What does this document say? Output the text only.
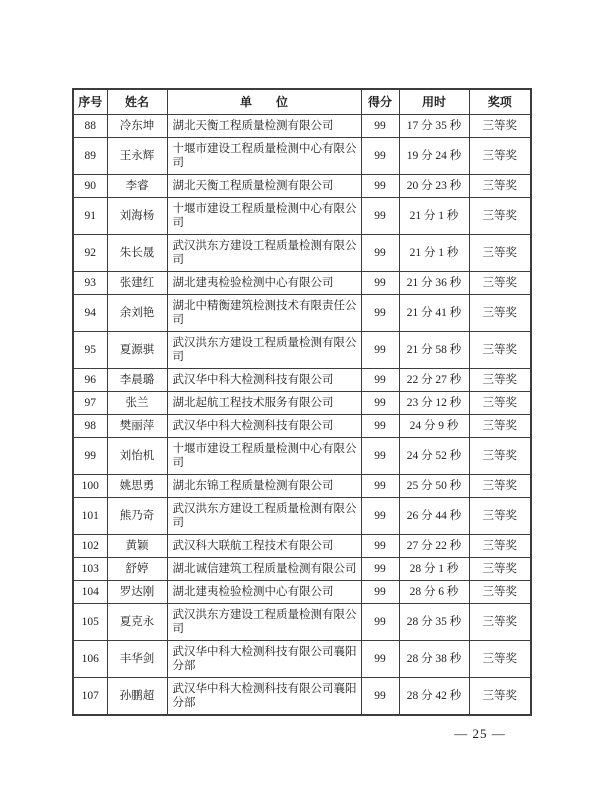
序号	姓名	单　　位	得分	用时	奖项
88	冷东坤	湖北天衡工程质量检测有限公司	99	17 分 35 秒	三等奖
89	王永辉	十堰市建设工程质量检测中心有限公司	99	19 分 24 秒	三等奖
90	李睿	湖北天衡工程质量检测有限公司	99	20 分 23 秒	三等奖
91	刘海杨	十堰市建设工程质量检测中心有限公司	99	21 分 1 秒	三等奖
92	朱长晟	武汉洪东方建设工程质量检测有限公司	99	21 分 1 秒	三等奖
93	张建红	湖北建夷检验检测中心有限公司	99	21 分 36 秒	三等奖
94	余刘艳	湖北中精衡建筑检测技术有限责任公司	99	21 分 41 秒	三等奖
95	夏源骐	武汉洪东方建设工程质量检测有限公司	99	21 分 58 秒	三等奖
96	李晨璐	武汉华中科大检测科技有限公司	99	22 分 27 秒	三等奖
97	张兰	湖北起航工程技术服务有限公司	99	23 分 12 秒	三等奖
98	樊丽萍	武汉华中科大检测科技有限公司	99	24 分 9 秒	三等奖
99	刘怡机	十堰市建设工程质量检测中心有限公司	99	24 分 52 秒	三等奖
100	姚思勇	湖北东锦工程质量检测有限公司	99	25 分 50 秒	三等奖
101	熊乃奇	武汉洪东方建设工程质量检测有限公司	99	26 分 44 秒	三等奖
102	黄颖	武汉科大联航工程技术有限公司	99	27 分 22 秒	三等奖
103	舒婷	湖北诚信建筑工程质量检测有限公司	99	28 分 1 秒	三等奖
104	罗达刚	湖北建夷检验检测中心有限公司	99	28 分 6 秒	三等奖
105	夏克永	武汉洪东方建设工程质量检测有限公司	99	28 分 35 秒	三等奖
106	丰华剑	武汉华中科大检测科技有限公司襄阳分部	99	28 分 38 秒	三等奖
107	孙鹏超	武汉华中科大检测科技有限公司襄阳分部	99	28 分 42 秒	三等奖
— 25 —
